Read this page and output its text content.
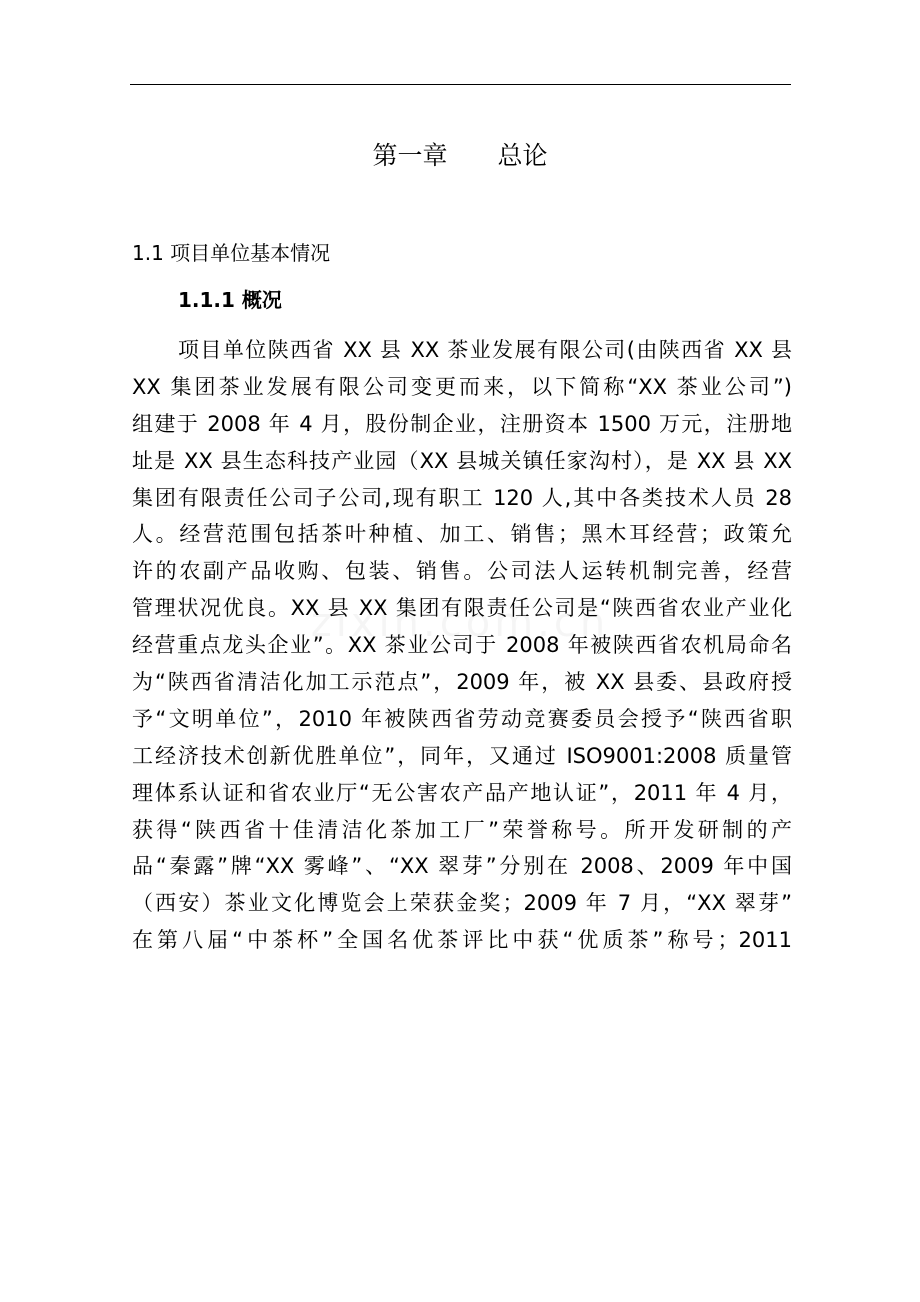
第一章　　总论
1.1 项目单位基本情况
1.1.1 概况
项目单位陕西省 XX 县 XX 茶业发展有限公司(由陕西省 XX 县
XX 集团茶业发展有限公司变更而来，以下简称“XX 茶业公司”)
组建于 2008 年 4 月，股份制企业，注册资本 1500 万元，注册地
址是 XX 县生态科技产业园（XX 县城关镇任家沟村），是 XX 县 XX
集团有限责任公司子公司,现有职工 120 人,其中各类技术人员 28
人。经营范围包括茶叶种植、加工、销售；黑木耳经营；政策允
许的农副产品收购、包装、销售。公司法人运转机制完善，经营
管理状况优良。XX 县 XX 集团有限责任公司是“陕西省农业产业化
经营重点龙头企业”。XX 茶业公司于 2008 年被陕西省农机局命名
为“陕西省清洁化加工示范点”，2009 年，被 XX 县委、县政府授
予“文明单位”，2010 年被陕西省劳动竞赛委员会授予“陕西省职
工经济技术创新优胜单位”，同年，又通过 ISO9001:2008 质量管
理体系认证和省农业厅“无公害农产品产地认证”，2011 年 4 月，
获得“陕西省十佳清洁化茶加工厂”荣誉称号。所开发研制的产
品“秦露”牌“XX 雾峰”、“XX 翠芽”分别在 2008、2009 年中国
（西安）茶业文化博览会上荣获金奖；2009 年 7 月，“XX 翠芽”
在第八届“中茶杯”全国名优茶评比中获“优质茶”称号；2011
